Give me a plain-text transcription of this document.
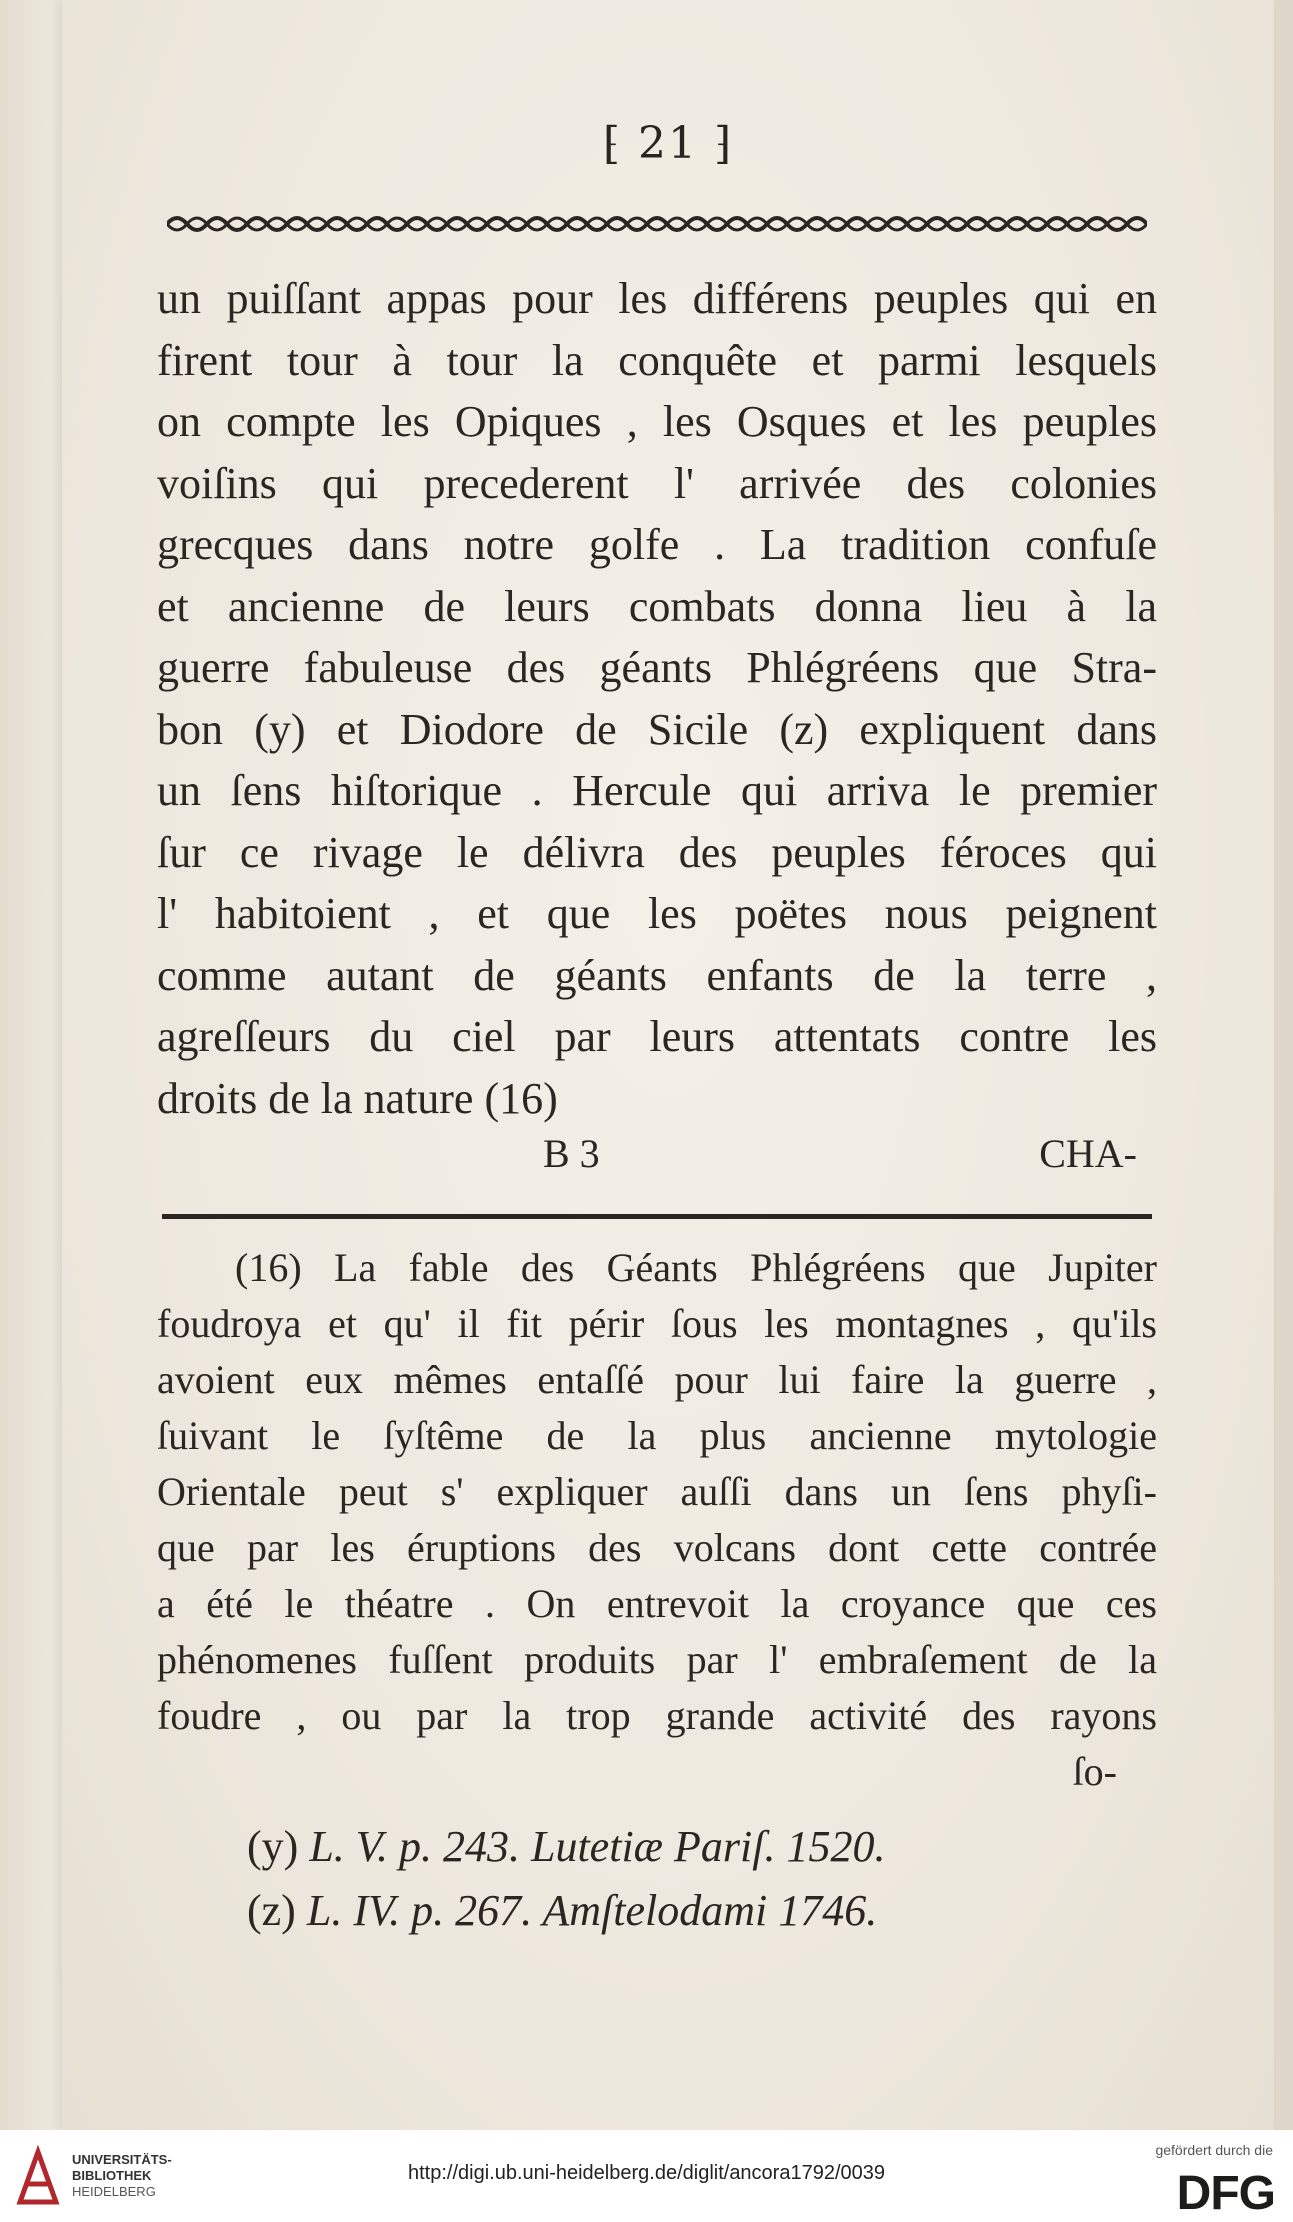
⁅ 21 ⁆
un puiſſant appas pour les différens peuples qui en
firent tour à tour la conquête et parmi lesquels
on compte les Opiques , les Osques et les peuples
voiſins qui precederent l' arrivée des colonies
grecques dans notre golfe . La tradition confuſe
et ancienne de leurs combats donna lieu à la
guerre fabuleuse des géants Phlégréens que Stra-
bon (y) et Diodore de Sicile (z) expliquent dans
un ſens hiſtorique . Hercule qui arriva le premier
ſur ce rivage le délivra des peuples féroces qui
l' habitoient , et que les poëtes nous peignent
comme autant de géants enfants de la terre ,
agreſſeurs du ciel par leurs attentats contre les
droits de la nature (16)
B 3	CHA-
(16) La fable des Géants Phlégréens que Jupiter
foudroya et qu' il fit périr ſous les montagnes , qu'ils
avoient eux mêmes entaſſé pour lui faire la guerre ,
ſuivant le ſyſtême de la plus ancienne mytologie
Orientale peut s' expliquer auſſi dans un ſens phyſi-
que par les éruptions des volcans dont cette contrée
a été le théatre . On entrevoit la croyance que ces
phénomenes fuſſent produits par l' embraſement de la
foudre , ou par la trop grande activité des rayons
ſo-
(y) L. V. p. 243. Lutetiæ Pariſ. 1520.
(z) L. IV. p. 267. Amſtelodami 1746.
UNIVERSITÄTS-
BIBLIOTHEK
HEIDELBERG
http://digi.ub.uni-heidelberg.de/diglit/ancora1792/0039
gefördert durch die
DFG
